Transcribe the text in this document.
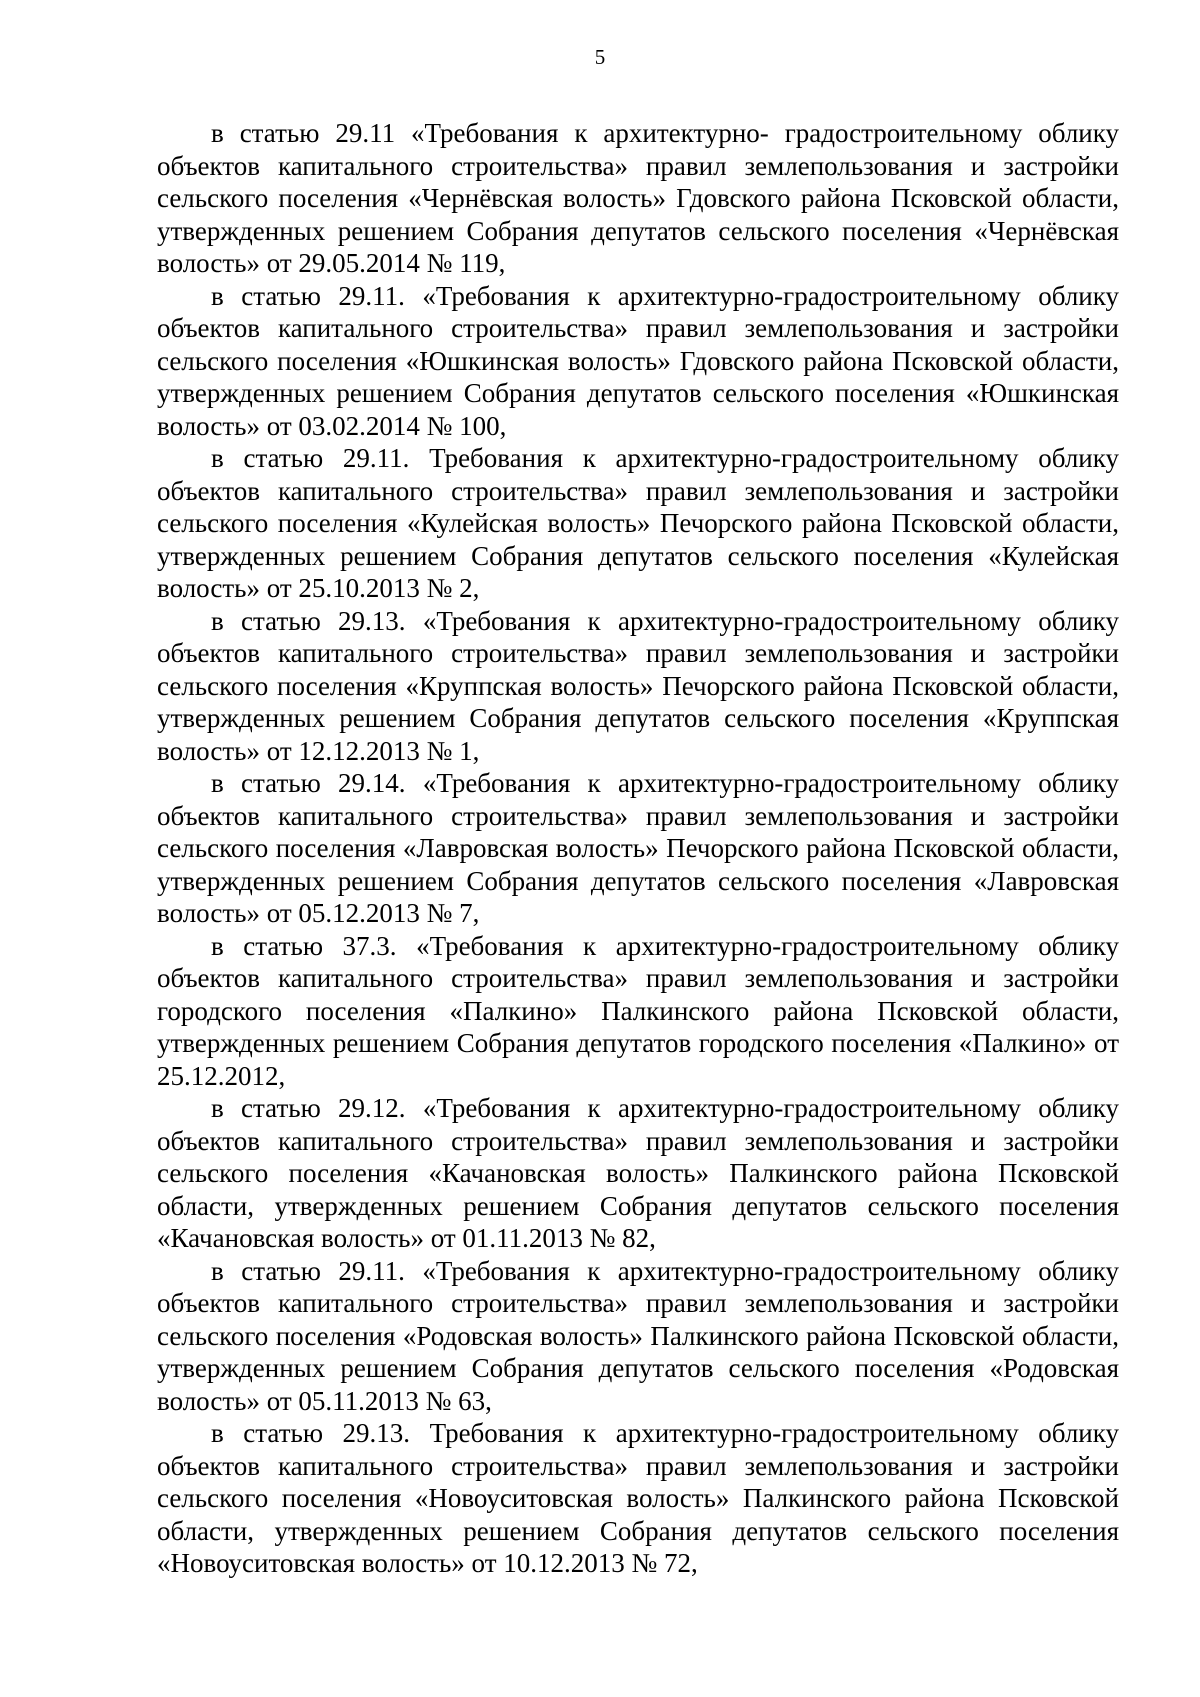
5

в статью 29.11 «Требования к архитектурно- градостроительному облику объектов капитального строительства» правил землепользования и застройки сельского поселения «Чернёвская волость» Гдовского района Псковской области, утвержденных решением Собрания депутатов сельского поселения «Чернёвская волость» от 29.05.2014 № 119,

в статью 29.11. «Требования к архитектурно-градостроительному облику объектов капитального строительства» правил землепользования и застройки сельского поселения «Юшкинская волость» Гдовского района Псковской области, утвержденных решением Собрания депутатов сельского поселения «Юшкинская волость» от 03.02.2014 № 100,

в статью 29.11. Требования к архитектурно-градостроительному облику объектов капитального строительства» правил землепользования и застройки сельского поселения «Кулейская волость» Печорского района Псковской области, утвержденных решением Собрания депутатов сельского поселения «Кулейская волость» от 25.10.2013 № 2,

в статью 29.13. «Требования к архитектурно-градостроительному облику объектов капитального строительства» правил землепользования и застройки сельского поселения «Круппская волость» Печорского района Псковской области, утвержденных решением Собрания депутатов сельского поселения «Круппская волость» от 12.12.2013 № 1,

в статью 29.14. «Требования к архитектурно-градостроительному облику объектов капитального строительства» правил землепользования и застройки сельского поселения «Лавровская волость» Печорского района Псковской области, утвержденных решением Собрания депутатов сельского поселения «Лавровская волость» от 05.12.2013 № 7,

в статью 37.3. «Требования к архитектурно-градостроительному облику объектов капитального строительства» правил землепользования и застройки городского поселения «Палкино» Палкинского района Псковской области, утвержденных решением Собрания депутатов городского поселения «Палкино» от 25.12.2012,

в статью 29.12. «Требования к архитектурно-градостроительному облику объектов капитального строительства» правил землепользования и застройки сельского поселения «Качановская волость» Палкинского района Псковской области, утвержденных решением Собрания депутатов сельского поселения «Качановская волость» от 01.11.2013 № 82,

в статью 29.11. «Требования к архитектурно-градостроительному облику объектов капитального строительства» правил землепользования и застройки сельского поселения «Родовская волость» Палкинского района Псковской области, утвержденных решением Собрания депутатов сельского поселения «Родовская волость» от 05.11.2013 № 63,

в статью 29.13. Требования к архитектурно-градостроительному облику объектов капитального строительства» правил землепользования и застройки сельского поселения «Новоуситовская волость» Палкинского района Псковской области, утвержденных решением Собрания депутатов сельского поселения «Новоуситовская волость» от 10.12.2013 № 72,
